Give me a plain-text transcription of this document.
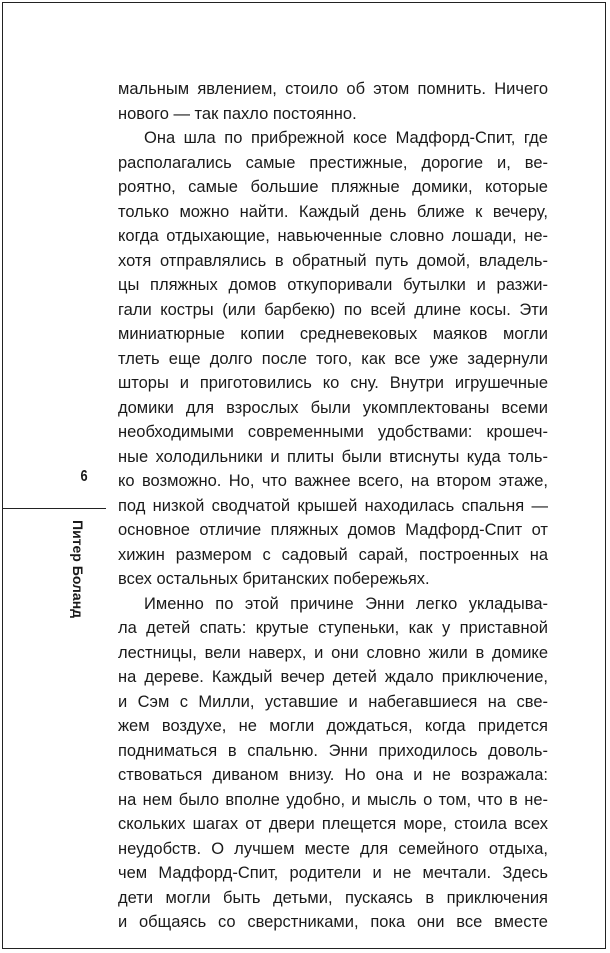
6
Питер Боланд
мальным явлением, стоило об этом помнить. Ничего
нового — так пахло постоянно.
Она шла по прибрежной косе Мадфорд-Спит, где
располагались самые престижные, дорогие и, ве-
роятно, самые большие пляжные домики, которые
только можно найти. Каждый день ближе к вечеру,
когда отдыхающие, навьюченные словно лошади, не-
хотя отправлялись в обратный путь домой, владель-
цы пляжных домов откупоривали бутылки и разжи-
гали костры (или барбекю) по всей длине косы. Эти
миниатюрные копии средневековых маяков могли
тлеть еще долго после того, как все уже задернули
шторы и приготовились ко сну. Внутри игрушечные
домики для взрослых были укомплектованы всеми
необходимыми современными удобствами: крошеч-
ные холодильники и плиты были втиснуты куда толь-
ко возможно. Но, что важнее всего, на втором этаже,
под низкой сводчатой крышей находилась спальня —
основное отличие пляжных домов Мадфорд-Спит от
хижин размером с садовый сарай, построенных на
всех остальных британских побережьях.
Именно по этой причине Энни легко укладыва-
ла детей спать: крутые ступеньки, как у приставной
лестницы, вели наверх, и они словно жили в домике
на дереве. Каждый вечер детей ждало приключение,
и Сэм с Милли, уставшие и набегавшиеся на све-
жем воздухе, не могли дождаться, когда придется
подниматься в спальню. Энни приходилось доволь-
ствоваться диваном внизу. Но она и не возражала:
на нем было вполне удобно, и мысль о том, что в не-
скольких шагах от двери плещется море, стоила всех
неудобств. О лучшем месте для семейного отдыха,
чем Мадфорд-Спит, родители и не мечтали. Здесь
дети могли быть детьми, пускаясь в приключения
и общаясь со сверстниками, пока они все вместе
